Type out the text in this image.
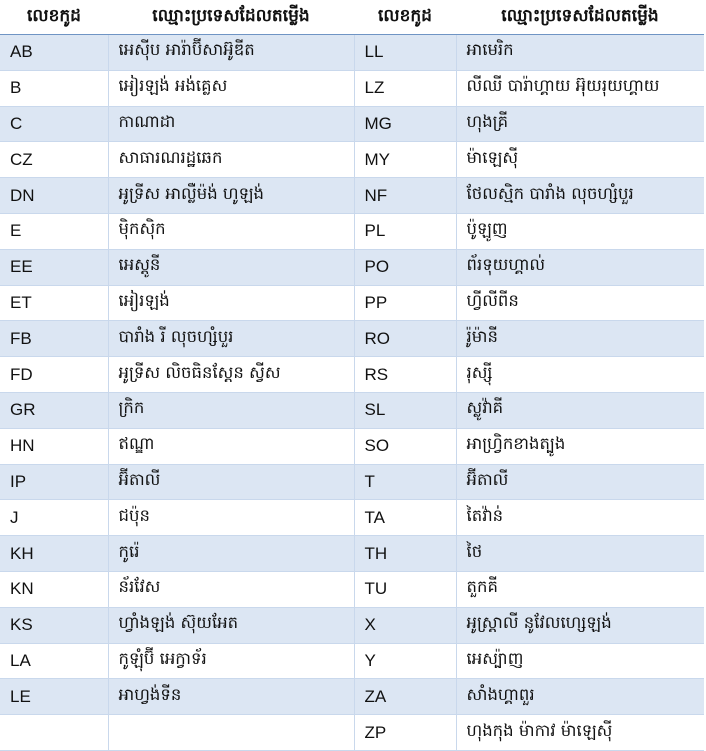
លេខកូដ	ឈ្មោះប្រទេសដែលតម្លើង	លេខកូដ	ឈ្មោះប្រទេសដែលតម្លើង
AB	អេស៊ីប អារ៉ាប៊ីសាអ៊ូឌីត	LL	អាមេរិក
B	អៀរឡង់ អង់គ្លេស	LZ	លីឈី បារ៉ាហ្គាយ អ៊ុយរុយហ្គាយ
C	កាណាដា	MG	ហុងគ្រី
CZ	សាធារណរដ្ឋឆេក	MY	ម៉ាឡេស៊ី
DN	អូទ្រីស អាល្លឺម៉ង់ ហូឡង់	NF	ថែលស្មិក បារាំង លុចហ្សំបួរ
E	ម៉ិកស៊ិក	PL	ប៉ូឡូញ
EE	អេស្តូនី	PO	ព័រទុយហ្គាល់
ET	អៀរឡង់	PP	ហ្វីលីពីន
FB	បារាំង រី លុចហ្សំបួរ	RO	រ៉ូម៉ានី
FD	អូទ្រីស លិចធិនស្ដែន ស្វីស	RS	រុស្ស៊ី
GR	ក្រិក	SL	ស្លូវ៉ាគី
HN	ឥណ្ឌា	SO	អាហ្វ្រិកខាងត្បូង
IP	អ៊ីតាលី	T	អ៊ីតាលី
J	ជប៉ុន	TA	តៃវ៉ាន់
KH	កូរ៉េ	TH	ថៃ
KN	ន័រវែស	TU	តួកគី
KS	ហ្វាំងឡង់ ស៊ុយអែត	X	អូស្ត្រាលី នូវែលហ្សេឡង់
LA	កូឡុំប៊ី អេក្វាទ័រ	Y	អេស្ប៉ាញ
LE	អាហ្វង់ទីន	ZA	សាំងហ្គាពួរ
		ZP	ហុងកុង ម៉ាកាវ ម៉ាឡេស៊ី
